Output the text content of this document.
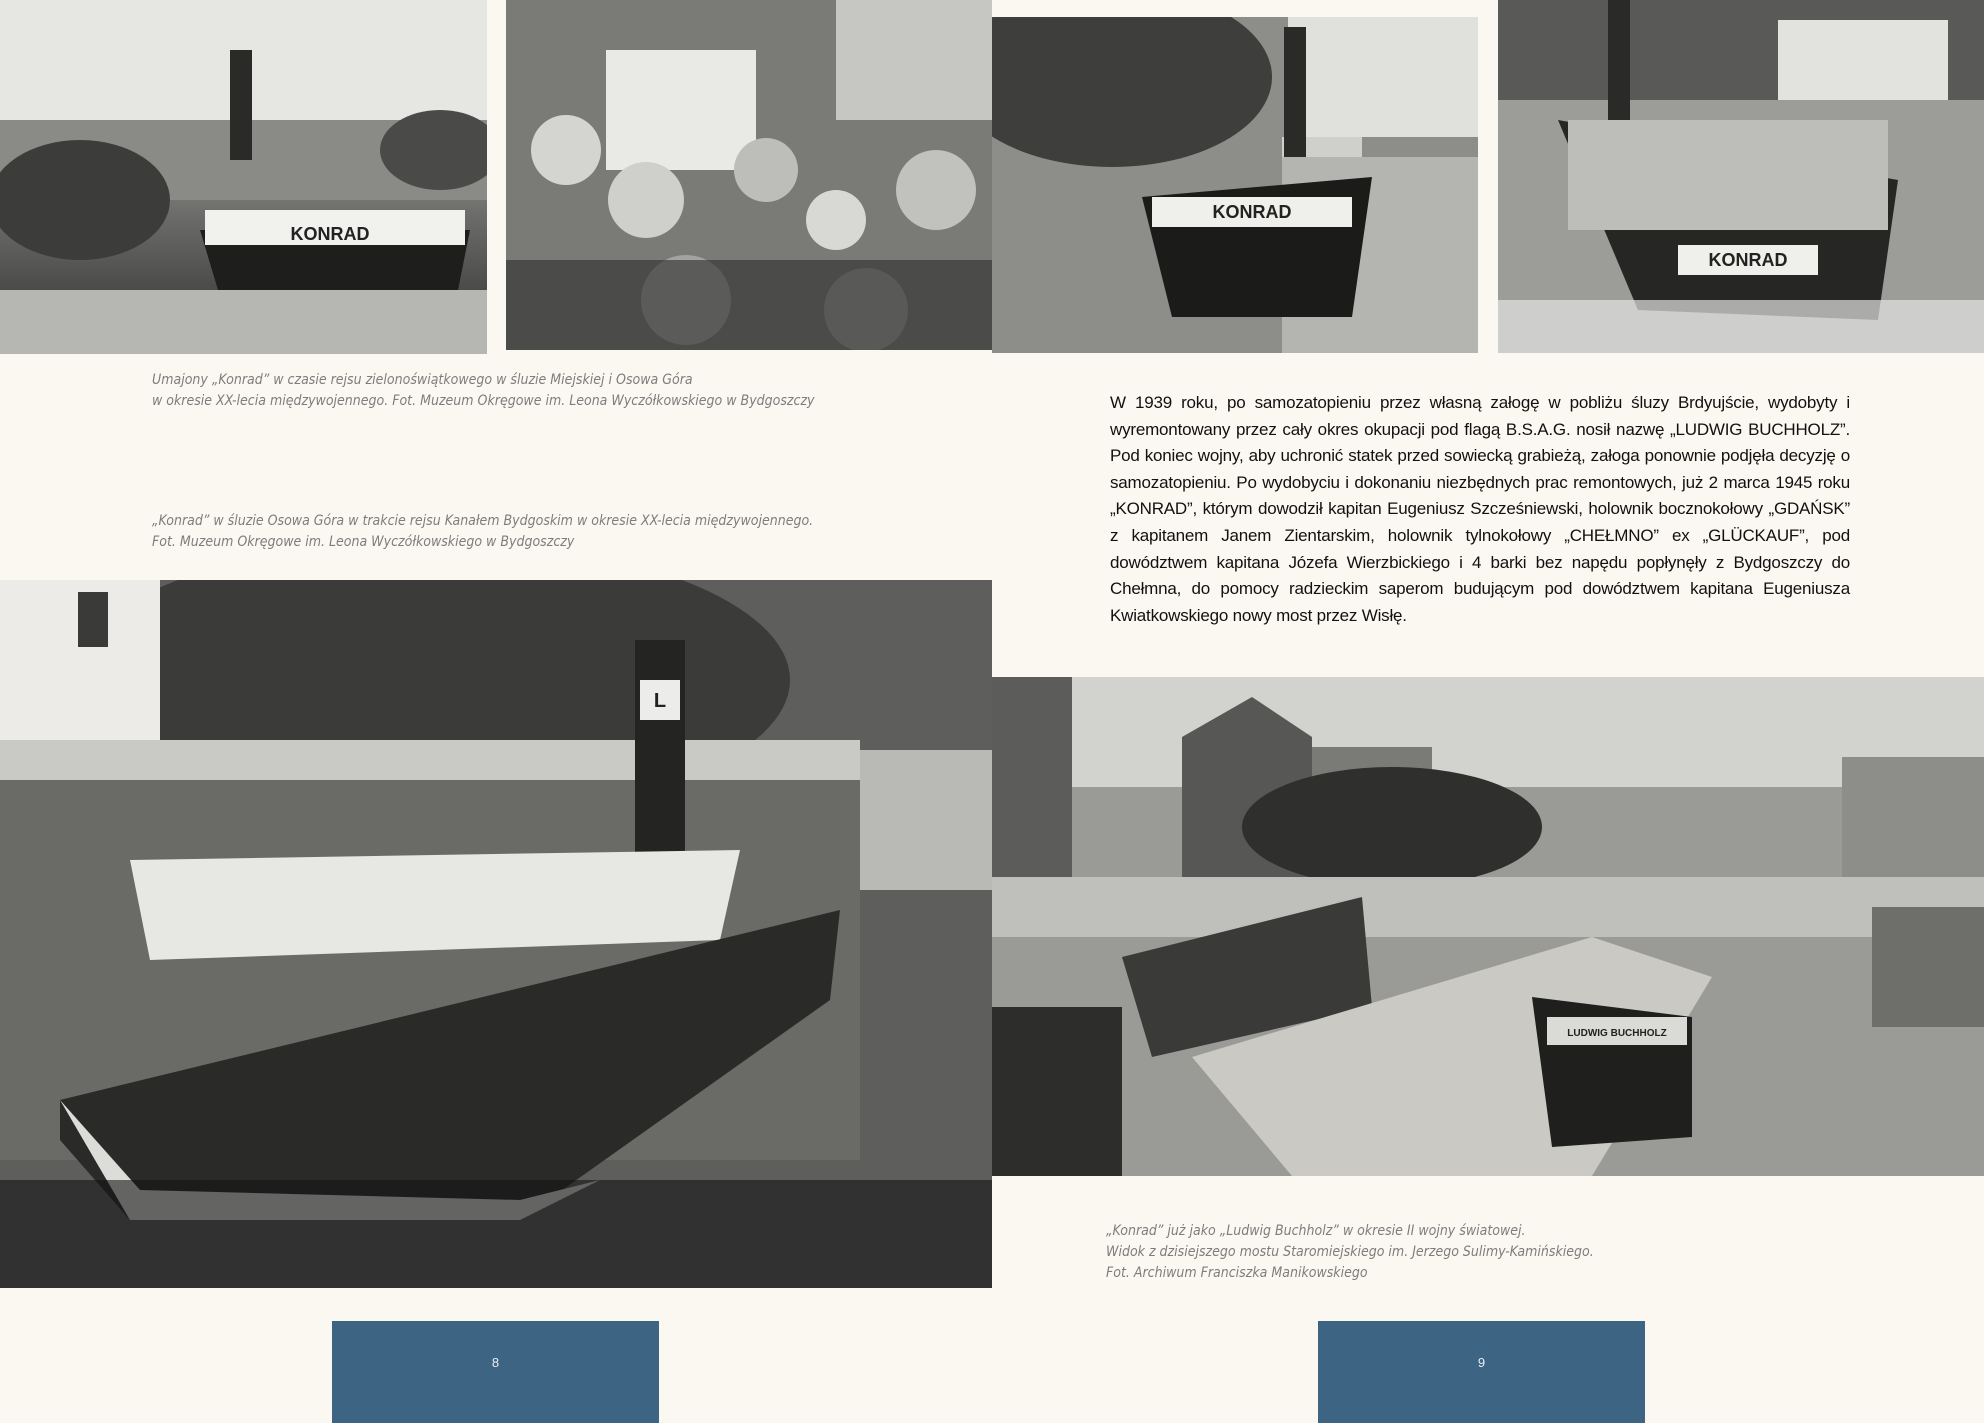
KONRAD
KONRAD
KONRAD
Umajony „Konrad” w czasie rejsu zielonoświątkowego w śluzie Miejskiej i Osowa Góra
w okresie XX-lecia międzywojennego. Fot. Muzeum Okręgowe im. Leona Wyczółkowskiego w Bydgoszczy
„Konrad” w śluzie Osowa Góra w trakcie rejsu Kanałem Bydgoskim w okresie XX-lecia międzywojennego.
Fot. Muzeum Okręgowe im. Leona Wyczółkowskiego w Bydgoszczy
W 1939 roku, po samozatopieniu przez własną załogę w pobliżu śluzy Brdyujście, wydobyty i wyremontowany przez cały okres okupacji pod flagą B.S.A.G. nosił nazwę „LUDWIG BUCHHOLZ”. Pod koniec wojny, aby uchronić statek przed sowiecką grabieżą, załoga ponownie podjęła decyzję o samozatopieniu. Po wydobyciu i dokonaniu niezbędnych prac remontowych, już 2 marca 1945 roku „KONRAD”, którym dowodził kapitan Eugeniusz Szcześniewski, holownik bocznokołowy „GDAŃSK” z kapitanem Janem Zientarskim, holownik tylnokołowy „CHEŁMNO” ex „GLÜCKAUF”, pod dowództwem kapitana Józefa Wierzbickiego i 4 barki bez napędu popłynęły z Bydgoszczy do Chełmna, do pomocy radzieckim saperom budującym pod dowództwem kapitana Eugeniusza Kwiatkowskiego nowy most przez Wisłę.
L
LUDWIG BUCHHOLZ
„Konrad” już jako „Ludwig Buchholz” w okresie II wojny światowej.
Widok z dzisiejszego mostu Staromiejskiego im. Jerzego Sulimy-Kamińskiego.
Fot. Archiwum Franciszka Manikowskiego
8	9
